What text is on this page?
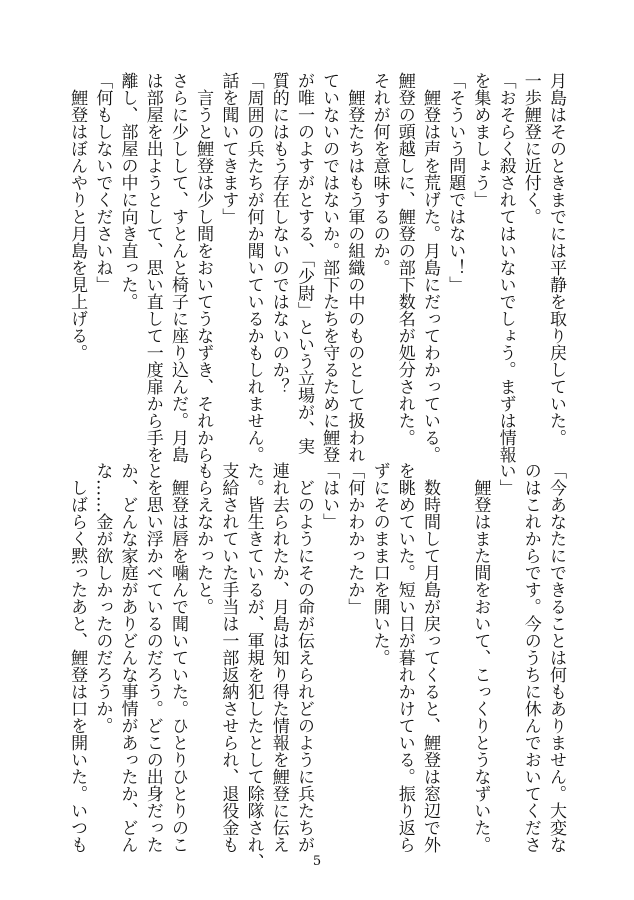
月島はそのときまでには平静を取り戻していた。
一歩鯉登に近付く。
「おそらく殺されてはいないでしょう。まずは情報
を集めましょう」
「そういう問題ではない！」
　鯉登は声を荒げた。月島にだってわかっている。
鯉登の頭越しに、鯉登の部下数名が処分された。
それが何を意味するのか。
　鯉登たちはもう軍の組織の中のものとして扱われ
ていないのではないか。部下たちを守るために鯉登
が唯一のよすがとする、「少尉」という立場が、実
質的にはもう存在しないのではないのか？
「周囲の兵たちが何か聞いているかもしれません。
話を聞いてきます」
　言うと鯉登は少し間をおいてうなずき、それから
さらに少しして、すとんと椅子に座り込んだ。月島
は部屋を出ようとして、思い直して一度扉から手を
離し、部屋の中に向き直った。
「何もしないでくださいね」
　鯉登はぼんやりと月島を見上げる。
「今あなたにできることは何もありません。大変な
のはこれからです。今のうちに休んでおいてくださ
い」
　鯉登はまた間をおいて、こっくりとうなずいた。

　数時間して月島が戻ってくると、鯉登は窓辺で外
を眺めていた。短い日が暮れかけている。振り返ら
ずにそのまま口を開いた。
「何かわかったか」
「はい」
　どのようにその命が伝えられどのように兵たちが
連れ去られたか、月島は知り得た情報を鯉登に伝え
た。皆生きているが、軍規を犯したとして除隊され、
支給されていた手当は一部返納させられ、退役金も
もらえなかったと。
　鯉登は唇を噛んで聞いていた。ひとりひとりのこ
とを思い浮かべているのだろう。どこの出身だった
か、どんな家庭がありどんな事情があったか、どん
な……金が欲しかったのだろうか。
　しばらく黙ったあと、鯉登は口を開いた。いつも
5
